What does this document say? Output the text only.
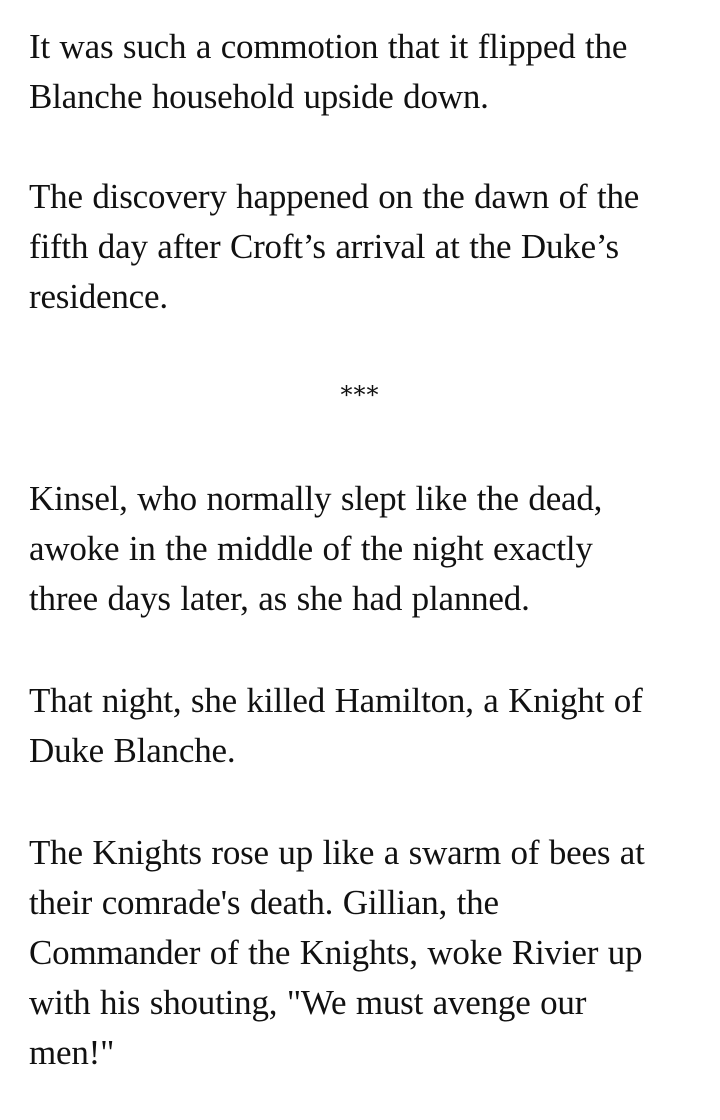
It was such a commotion that it flipped the
Blanche household upside down.

The discovery happened on the dawn of the
fifth day after Croft’s arrival at the Duke’s
residence.

***

Kinsel, who normally slept like the dead,
awoke in the middle of the night exactly
three days later, as she had planned.

That night, she killed Hamilton, a Knight of
Duke Blanche.

The Knights rose up like a swarm of bees at
their comrade's death. Gillian, the
Commander of the Knights, woke Rivier up
with his shouting, "We must avenge our
men!"
